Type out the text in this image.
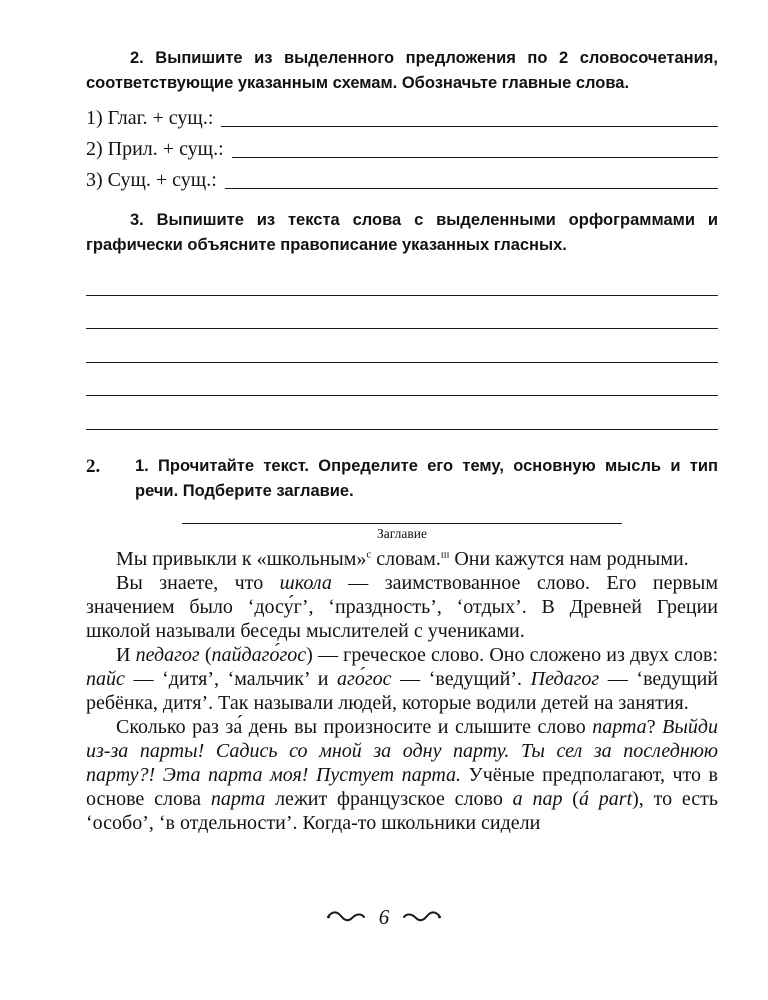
2. Выпишите из выделенного предложения по 2 словосочетания, соответствующие указанным схемам. Обозначьте главные слова.

1) Глаг. + сущ.:
2) Прил. + сущ.:
3) Сущ. + сущ.:

3. Выпишите из текста слова с выделенными орфограммами и графически объясните правописание указанных гласных.

2.	1. Прочитайте текст. Определите его тему, основную мысль и тип речи. Подберите заглавие.

Заглавие

Мы привыкли к «школьным»$^с$ словам.$^ш$ Они кажутся нам родными.

Вы знаете, что школа — заимствованное слово. Его первым значением было ‘досу́г’, ‘праздность’, ‘отдых’. В Древней Греции школой называли беседы мыслителей с учениками.

И педагог (пайдаго́гос) — греческое слово. Оно сложено из двух слов: пайс — ‘дитя’, ‘мальчик’ и аго́гос — ‘ведущий’. Педагог — ‘ведущий ребёнка, дитя’. Так называли людей, которые водили детей на занятия.

Сколько раз за́ день вы произносите и слышите слово парта? Выйди из-за парты! Садись со мной за одну парту. Ты сел за последнюю парту?! Эта парта моя! Пустует парта. Учёные предполагают, что в основе слова парта лежит французское слово а пар (á part), то есть ‘особо’, ‘в отдельности’. Когда-то школьники сидели

6
